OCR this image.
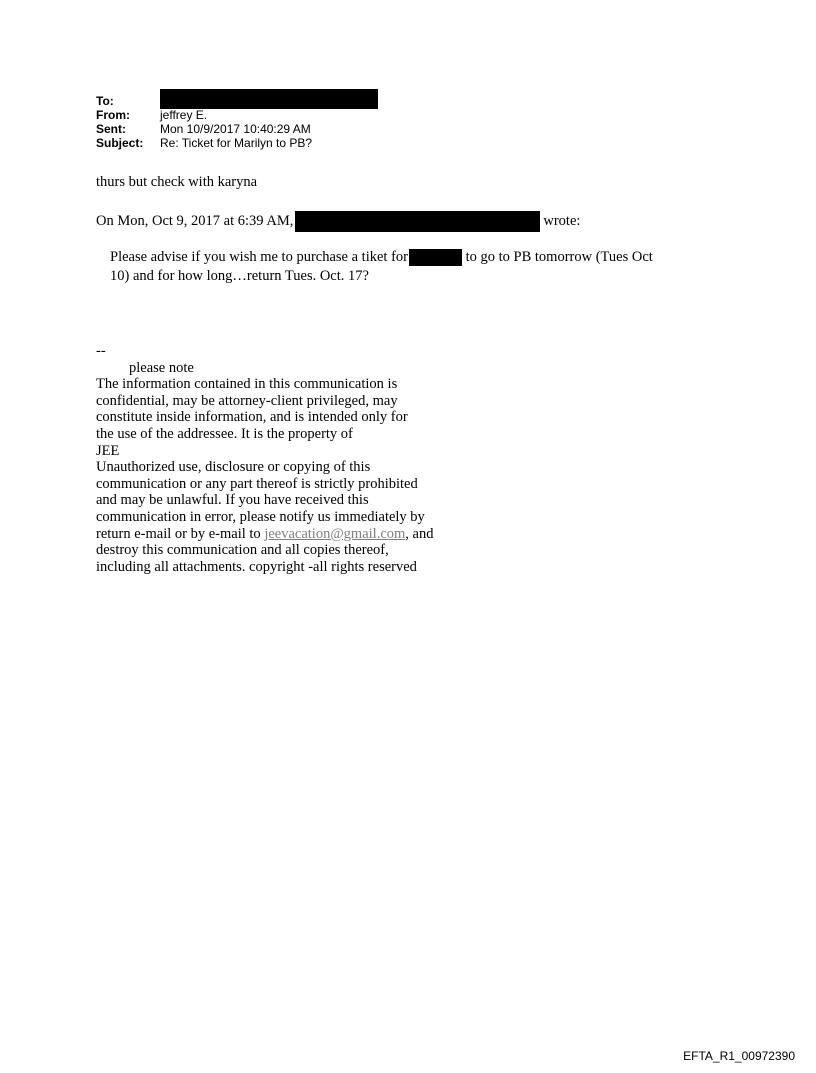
To:
From:	jeffrey E.
Sent:	Mon 10/9/2017 10:40:29 AM
Subject:	Re: Ticket for Marilyn to PB?
thurs but check with karyna
On Mon, Oct 9, 2017 at 6:39 AM,	wrote:
Please advise if you wish me to purchase a tiket for	to go to PB tomorrow (Tues Oct
10) and for how long…return Tues. Oct. 17?
--
please note
The information contained in this communication is
confidential, may be attorney-client privileged, may
constitute inside information, and is intended only for
the use of the addressee. It is the property of
JEE
Unauthorized use, disclosure or copying of this
communication or any part thereof is strictly prohibited
and may be unlawful. If you have received this
communication in error, please notify us immediately by
return e-mail or by e-mail to jeevacation@gmail.com, and
destroy this communication and all copies thereof,
including all attachments. copyright -all rights reserved
EFTA_R1_00972390
